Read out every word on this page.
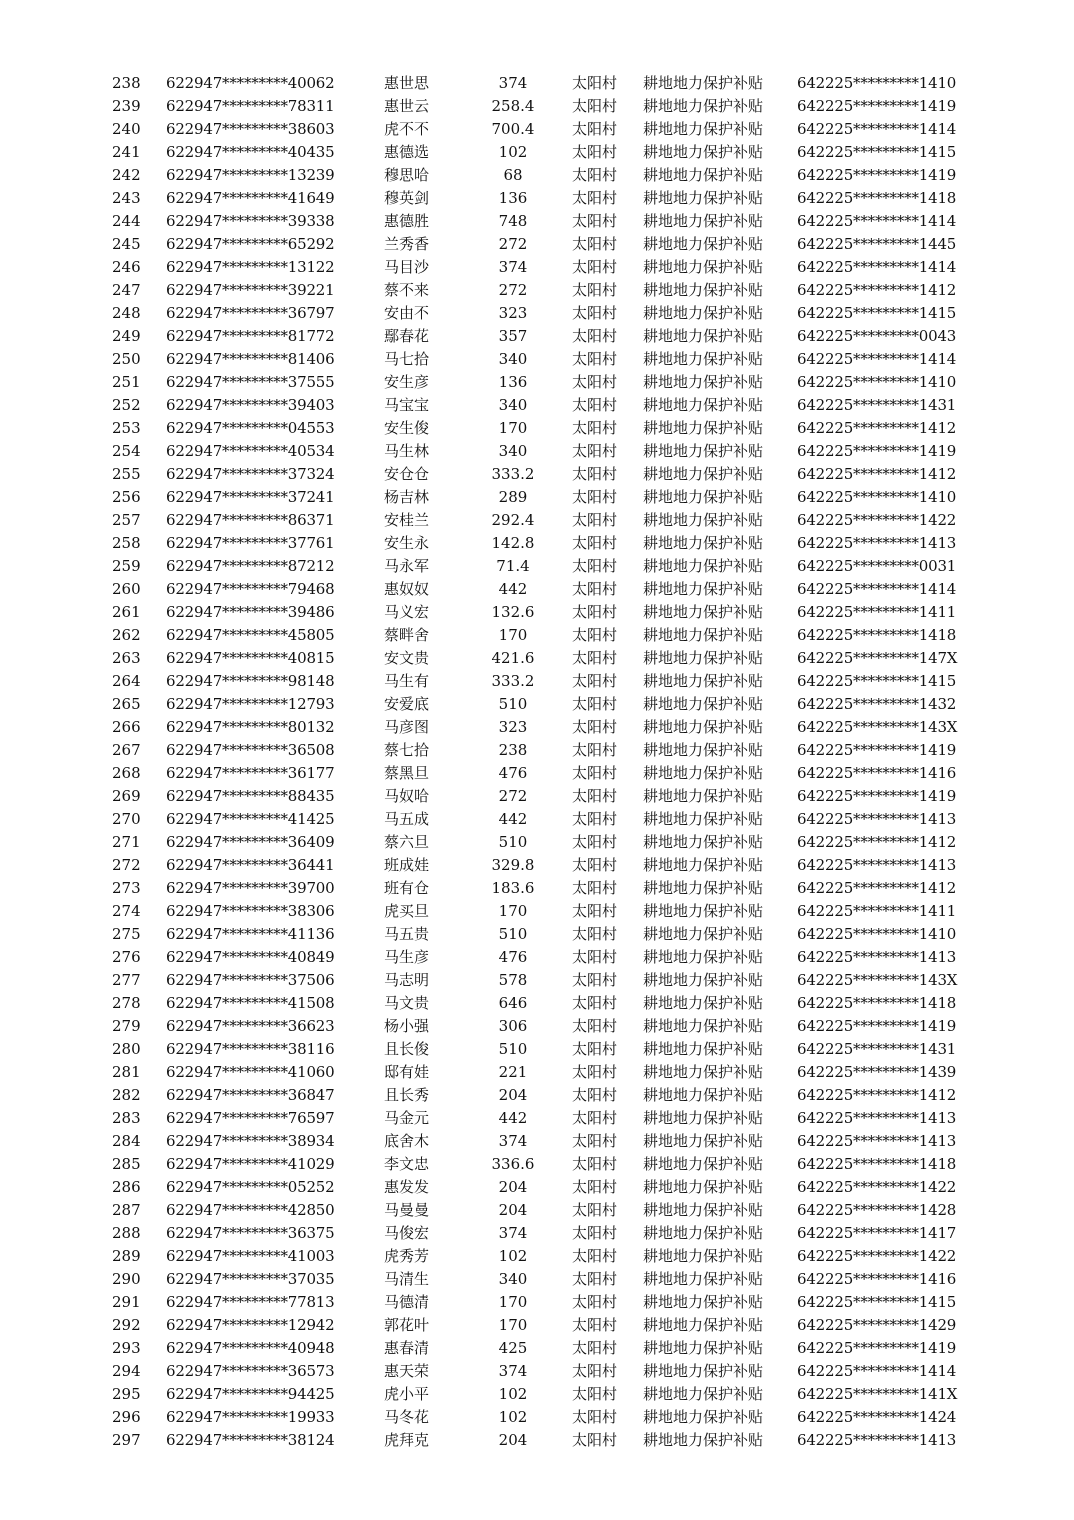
238 622947*********40062	惠世思	374	太阳村	耕地地力保护补贴	642225*********1410
239 622947*********78311	惠世云	258.4	太阳村	耕地地力保护补贴	642225*********1419
240 622947*********38603	虎不不	700.4	太阳村	耕地地力保护补贴	642225*********1414
241 622947*********40435	惠德选	102	太阳村	耕地地力保护补贴	642225*********1415
242 622947*********13239	穆思哈	68	太阳村	耕地地力保护补贴	642225*********1419
243 622947*********41649	穆英剑	136	太阳村	耕地地力保护补贴	642225*********1418
244 622947*********39338	惠德胜	748	太阳村	耕地地力保护补贴	642225*********1414
245 622947*********65292	兰秀香	272	太阳村	耕地地力保护补贴	642225*********1445
246 622947*********13122	马目沙	374	太阳村	耕地地力保护补贴	642225*********1414
247 622947*********39221	蔡不来	272	太阳村	耕地地力保护补贴	642225*********1412
248 622947*********36797	安由不	323	太阳村	耕地地力保护补贴	642225*********1415
249 622947*********81772	鄢春花	357	太阳村	耕地地力保护补贴	642225*********0043
250 622947*********81406	马七拾	340	太阳村	耕地地力保护补贴	642225*********1414
251 622947*********37555	安生彦	136	太阳村	耕地地力保护补贴	642225*********1410
252 622947*********39403	马宝宝	340	太阳村	耕地地力保护补贴	642225*********1431
253 622947*********04553	安生俊	170	太阳村	耕地地力保护补贴	642225*********1412
254 622947*********40534	马生林	340	太阳村	耕地地力保护补贴	642225*********1419
255 622947*********37324	安仓仓	333.2	太阳村	耕地地力保护补贴	642225*********1412
256 622947*********37241	杨吉林	289	太阳村	耕地地力保护补贴	642225*********1410
257 622947*********86371	安桂兰	292.4	太阳村	耕地地力保护补贴	642225*********1422
258 622947*********37761	安生永	142.8	太阳村	耕地地力保护补贴	642225*********1413
259 622947*********87212	马永军	71.4	太阳村	耕地地力保护补贴	642225*********0031
260 622947*********79468	惠奴奴	442	太阳村	耕地地力保护补贴	642225*********1414
261 622947*********39486	马义宏	132.6	太阳村	耕地地力保护补贴	642225*********1411
262 622947*********45805	蔡畔舍	170	太阳村	耕地地力保护补贴	642225*********1418
263 622947*********40815	安文贵	421.6	太阳村	耕地地力保护补贴	642225*********147X
264 622947*********98148	马生有	333.2	太阳村	耕地地力保护补贴	642225*********1415
265 622947*********12793	安爱底	510	太阳村	耕地地力保护补贴	642225*********1432
266 622947*********80132	马彦图	323	太阳村	耕地地力保护补贴	642225*********143X
267 622947*********36508	蔡七拾	238	太阳村	耕地地力保护补贴	642225*********1419
268 622947*********36177	蔡黑旦	476	太阳村	耕地地力保护补贴	642225*********1416
269 622947*********88435	马奴哈	272	太阳村	耕地地力保护补贴	642225*********1419
270 622947*********41425	马五成	442	太阳村	耕地地力保护补贴	642225*********1413
271 622947*********36409	蔡六旦	510	太阳村	耕地地力保护补贴	642225*********1412
272 622947*********36441	班成娃	329.8	太阳村	耕地地力保护补贴	642225*********1413
273 622947*********39700	班有仓	183.6	太阳村	耕地地力保护补贴	642225*********1412
274 622947*********38306	虎买旦	170	太阳村	耕地地力保护补贴	642225*********1411
275 622947*********41136	马五贵	510	太阳村	耕地地力保护补贴	642225*********1410
276 622947*********40849	马生彦	476	太阳村	耕地地力保护补贴	642225*********1413
277 622947*********37506	马志明	578	太阳村	耕地地力保护补贴	642225*********143X
278 622947*********41508	马文贵	646	太阳村	耕地地力保护补贴	642225*********1418
279 622947*********36623	杨小强	306	太阳村	耕地地力保护补贴	642225*********1419
280 622947*********38116	且长俊	510	太阳村	耕地地力保护补贴	642225*********1431
281 622947*********41060	邸有娃	221	太阳村	耕地地力保护补贴	642225*********1439
282 622947*********36847	且长秀	204	太阳村	耕地地力保护补贴	642225*********1412
283 622947*********76597	马金元	442	太阳村	耕地地力保护补贴	642225*********1413
284 622947*********38934	底舍木	374	太阳村	耕地地力保护补贴	642225*********1413
285 622947*********41029	李文忠	336.6	太阳村	耕地地力保护补贴	642225*********1418
286 622947*********05252	惠发发	204	太阳村	耕地地力保护补贴	642225*********1422
287 622947*********42850	马曼曼	204	太阳村	耕地地力保护补贴	642225*********1428
288 622947*********36375	马俊宏	374	太阳村	耕地地力保护补贴	642225*********1417
289 622947*********41003	虎秀芳	102	太阳村	耕地地力保护补贴	642225*********1422
290 622947*********37035	马清生	340	太阳村	耕地地力保护补贴	642225*********1416
291 622947*********77813	马德清	170	太阳村	耕地地力保护补贴	642225*********1415
292 622947*********12942	郭花叶	170	太阳村	耕地地力保护补贴	642225*********1429
293 622947*********40948	惠春清	425	太阳村	耕地地力保护补贴	642225*********1419
294 622947*********36573	惠天荣	374	太阳村	耕地地力保护补贴	642225*********1414
295 622947*********94425	虎小平	102	太阳村	耕地地力保护补贴	642225*********141X
296 622947*********19933	马冬花	102	太阳村	耕地地力保护补贴	642225*********1424
297 622947*********38124	虎拜克	204	太阳村	耕地地力保护补贴	642225*********1413
